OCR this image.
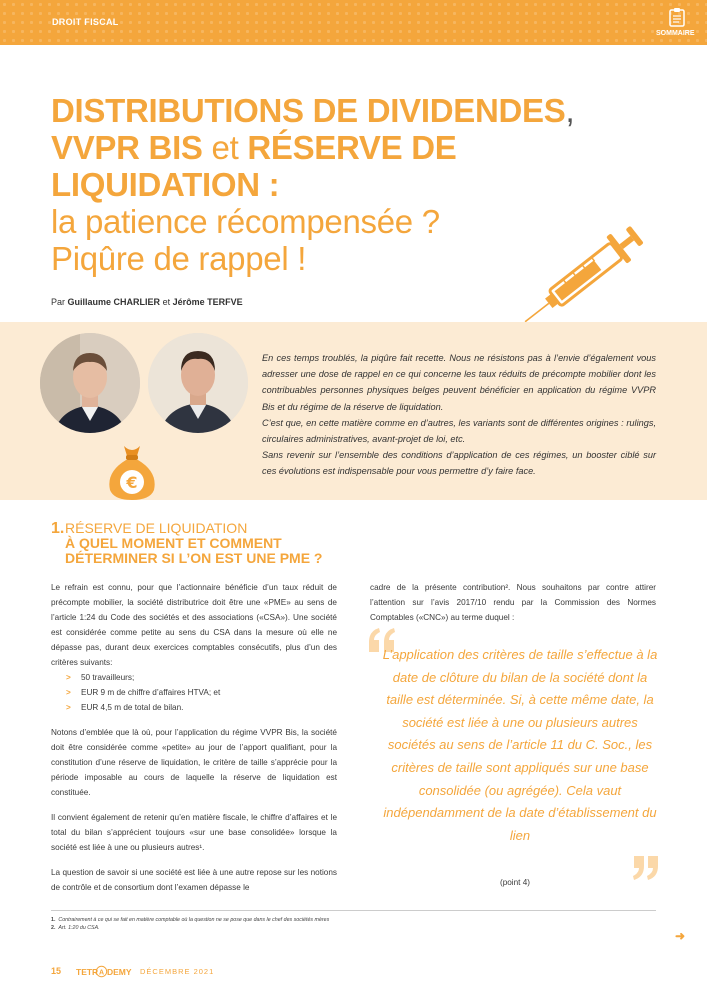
DROIT FISCAL
SOMMAIRE
DISTRIBUTIONS DE DIVIDENDES,
VVPR BIS et RÉSERVE DE
LIQUIDATION :
la patience récompensée ?
Piqûre de rappel !
Par Guillaume CHARLIER et Jérôme TERFVE
€

En ces temps troublés, la piqûre fait recette. Nous ne résistons pas à l’envie d’également vous adresser une dose de rappel en ce qui concerne les taux réduits de précompte mobilier dont les contribuables personnes physiques belges peuvent bénéficier en application du régime VVPR Bis et du régime de la réserve de liquidation.

C’est que, en cette matière comme en d’autres, les variants sont de différentes origines : rulings, circulaires administratives, avant-projet de loi, etc.

Sans revenir sur l’ensemble des conditions d’application de ces régimes, un booster ciblé sur ces évolutions est indispensable pour vous permettre d’y faire face.

1. RÉSERVE DE LIQUIDATION
À QUEL MOMENT ET COMMENT
DÉTERMINER SI L’ON EST UNE PME ?

Le refrain est connu, pour que l’actionnaire bénéficie d’un taux réduit de précompte mobilier, la société distributrice doit être une «PME» au sens de l’article 1:24 du Code des sociétés et des associations («CSA»). Une société est considérée comme petite au sens du CSA dans la mesure où elle ne dépasse pas, durant deux exercices comptables consécutifs, plus d’un des critères suivants:

> 50 travailleurs;
> EUR 9 m de chiffre d’affaires HTVA; et
> EUR 4,5 m de total de bilan.

Notons d’emblée que là où, pour l’application du régime VVPR Bis, la société doit être considérée comme «petite» au jour de l’apport qualifiant, pour la constitution d’une réserve de liquidation, le critère de taille s’apprécie pour la période imposable au cours de laquelle la réserve de liquidation est constituée.

Il convient également de retenir qu’en matière fiscale, le chiffre d’affaires et le total du bilan s’apprécient toujours «sur une base consolidée» lorsque la société est liée à une ou plusieurs autres¹.

La question de savoir si une société est liée à une autre repose sur les notions de contrôle et de consortium dont l’examen dépasse le

cadre de la présente contribution². Nous souhaitons par contre attirer l’attention sur l’avis 2017/10 rendu par la Commission des Normes Comptables («CNC») au terme duquel :

L’application des critères de taille s’effectue à la date de clôture du bilan de la société dont la taille est déterminée. Si, à cette même date, la société est liée à une ou plusieurs autres sociétés au sens de l’article 11 du C. Soc., les critères de taille sont appliqués sur une base consolidée (ou agrégée). Cela vaut indépendamment de la date d’établissement du lien
(point 4)
1. Contrairement à ce qui se fait en matière comptable où la question ne se pose que dans le chef des sociétés mères
2. Art. 1:20 du CSA.
➜
15 TETR A DEMY DÉCEMBRE 2021
